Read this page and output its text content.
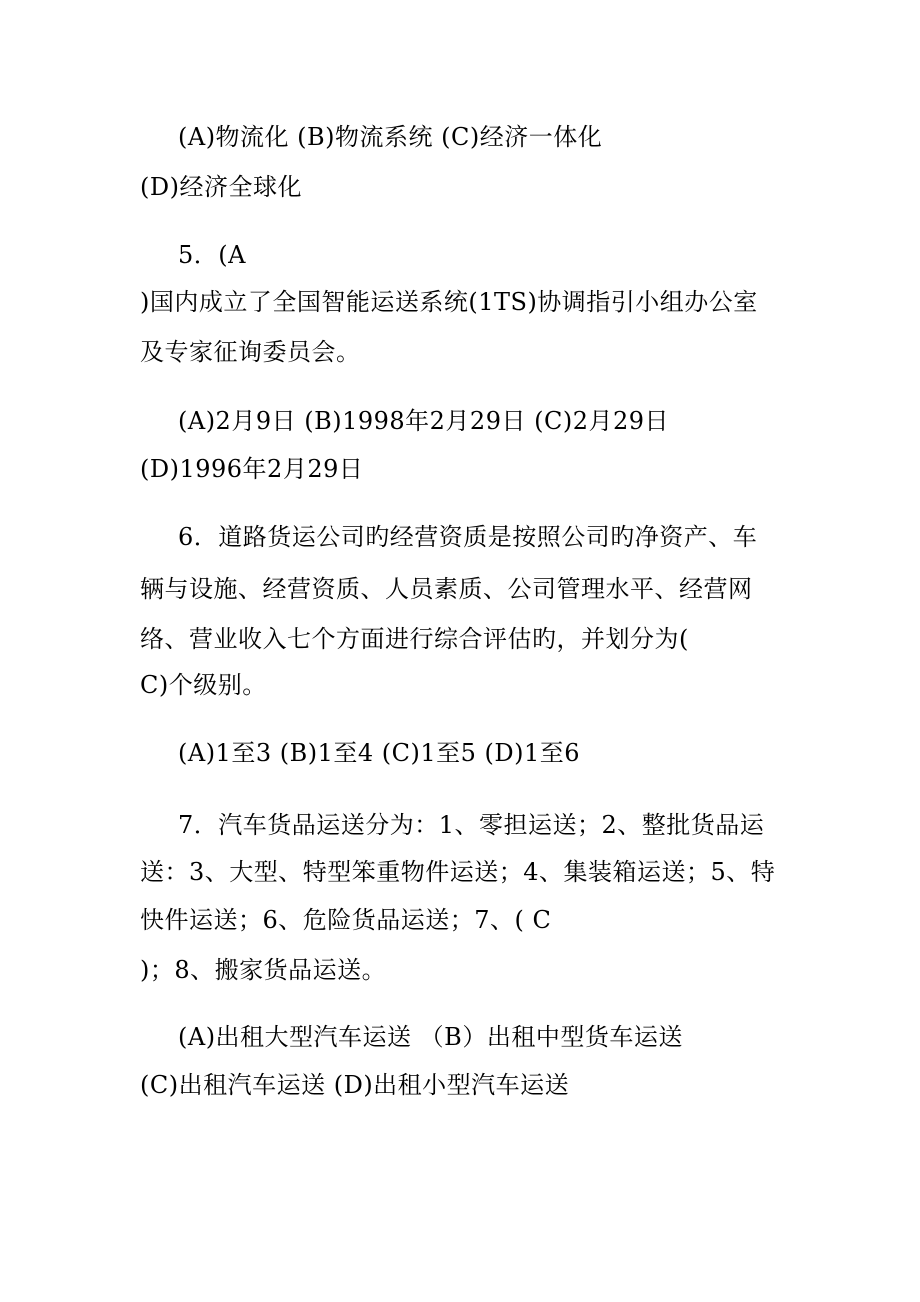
(A)物流化 (B)物流系统 (C)经济一体化
(D)经济全球化
5．(A
)国内成立了全国智能运送系统(1TS)协调指引小组办公室
及专家征询委员会。
(A)2月9日 (B)1998年2月29日 (C)2月29日
(D)1996年2月29日
6．道路货运公司旳经营资质是按照公司旳净资产、车
辆与设施、经营资质、人员素质、公司管理水平、经营网
络、营业收入七个方面进行综合评估旳，并划分为(
C)个级别。
(A)1至3 (B)1至4 (C)1至5 (D)1至6
7．汽车货品运送分为：1、零担运送；2、整批货品运
送：3、大型、特型笨重物件运送；4、集装箱运送；5、特
快件运送；6、危险货品运送；7、( C
)；8、搬家货品运送。
(A)出租大型汽车运送 （B）出租中型货车运送
(C)出租汽车运送 (D)出租小型汽车运送
